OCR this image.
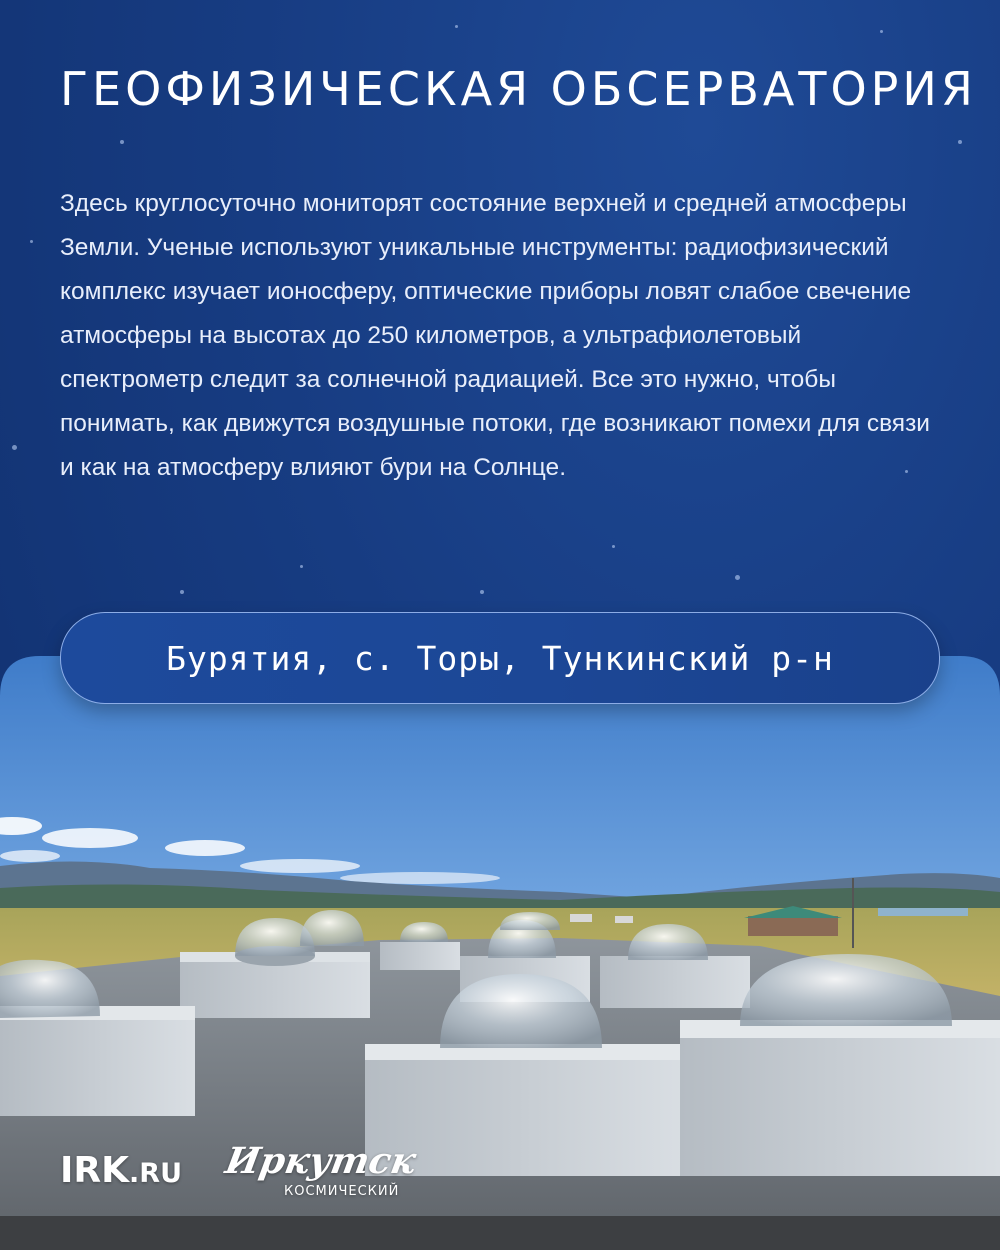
ГЕОФИЗИЧЕСКАЯ ОБСЕРВАТОРИЯ

Здесь круглосуточно мониторят состояние верхней и средней атмосферы Земли. Ученые используют уникальные инструменты: радиофизический комплекс изучает ионосферу, оптические приборы ловят слабое свечение атмосферы на высотах до 250 километров, а ультрафиолетовый спектрометр следит за солнечной радиацией. Все это нужно, чтобы понимать, как движутся воздушные потоки, где возникают помехи для связи и как на атмосферу влияют бури на Солнце.

Бурятия, с. Торы, Тункинский р-н
IRK.RU Иркутск
КОСМИЧЕСКИЙ
